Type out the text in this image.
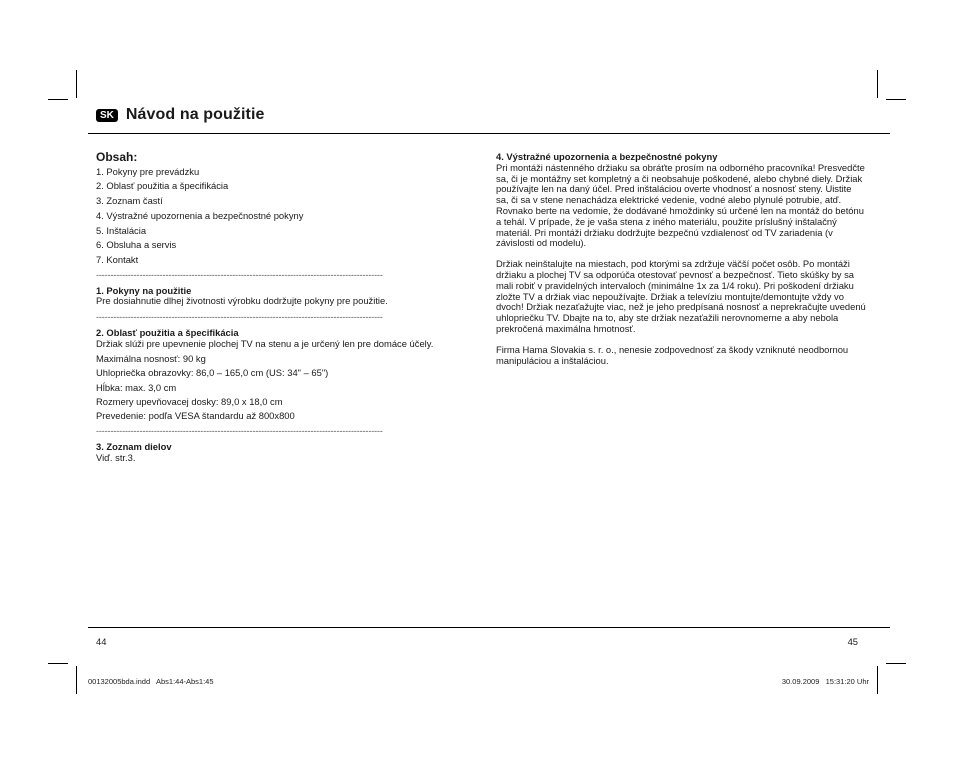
SK Návod na použitie
Obsah:
1. Pokyny pre prevádzku
2. Oblasť použitia a špecifikácia
3. Zoznam častí
4. Výstražné upozornenia a bezpečnostné pokyny
5. Inštalácia
6. Obsluha a servis
7. Kontakt
---------------------------------------------------------------------------------------------------

1. Pokyny na použitie

Pre dosiahnutie dlhej životnosti výrobku dodržujte pokyny pre použitie.

---------------------------------------------------------------------------------------------------

2. Oblasť použitia a špecifikácia

Držiak slúži pre upevnenie plochej TV na stenu a je určený len pre domáce účely.

Maximálna nosnosť: 90 kg

Uhlopriečka obrazovky: 86,0 – 165,0 cm (US: 34" – 65")

Hĺbka: max. 3,0 cm

Rozmery upevňovacej dosky: 89,0 x 18,0 cm

Prevedenie: podľa VESA štandardu až 800x800

---------------------------------------------------------------------------------------------------

3. Zoznam dielov

Viď. str.3.

4. Výstražné upozornenia a bezpečnostné pokyny

Pri montáži nástenného držiaku sa obráťte prosím na odborného pracovníka! Presvedčte sa, či je montážny set kompletný a či neobsahuje poškodené, alebo chybné diely. Držiak používajte len na daný účel. Pred inštaláciou overte vhodnosť a nosnosť steny. Uistite sa, či sa v stene nenachádza elektrické vedenie, vodné alebo plynulé potrubie, atď. Rovnako berte na vedomie, že dodávané hmoždinky sú určené len na montáž do betónu a tehál. V prípade, že je vaša stena z iného materiálu, použite príslušný inštalačný materiál. Pri montáži držiaku dodržujte bezpečnú vzdialenosť od TV zariadenia (v závislosti od modelu).

Držiak neinštalujte na miestach, pod ktorými sa zdržuje väčší počet osôb. Po montáži držiaku a plochej TV sa odporúča otestovať pevnosť a bezpečnosť. Tieto skúšky by sa mali robiť v pravidelných intervaloch (minimálne 1x za 1/4 roku). Pri poškodení držiaku zložte TV a držiak viac nepoužívajte. Držiak a televíziu montujte/demontujte vždy vo dvoch! Držiak nezaťažujte viac, než je jeho predpísaná nosnosť a neprekračujte uvedenú uhlopriečku TV. Dbajte na to, aby ste držiak nezaťažili nerovnomerne a aby nebola prekročená maximálna hmotnosť.

Firma Hama Slovakia s. r. o., nenesie zodpovednosť za škody vzniknuté neodbornou manipuláciou a inštaláciou.

44	45
00132005bda.indd   Abs1:44-Abs1:45	30.09.2009   15:31:20 Uhr
